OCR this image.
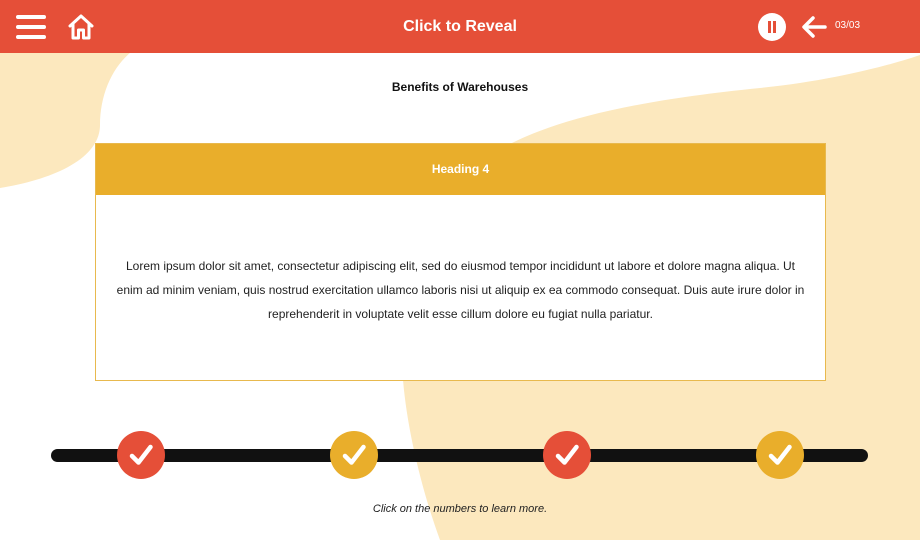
Click to Reveal	03/03
Benefits of Warehouses
Heading 4
Lorem ipsum dolor sit amet, consectetur adipiscing elit, sed do eiusmod tempor incididunt ut labore et dolore magna aliqua. Ut enim ad minim veniam, quis nostrud exercitation ullamco laboris nisi ut aliquip ex ea commodo consequat. Duis aute irure dolor in reprehenderit in voluptate velit esse cillum dolore eu fugiat nulla pariatur.
Click on the numbers to learn more.
